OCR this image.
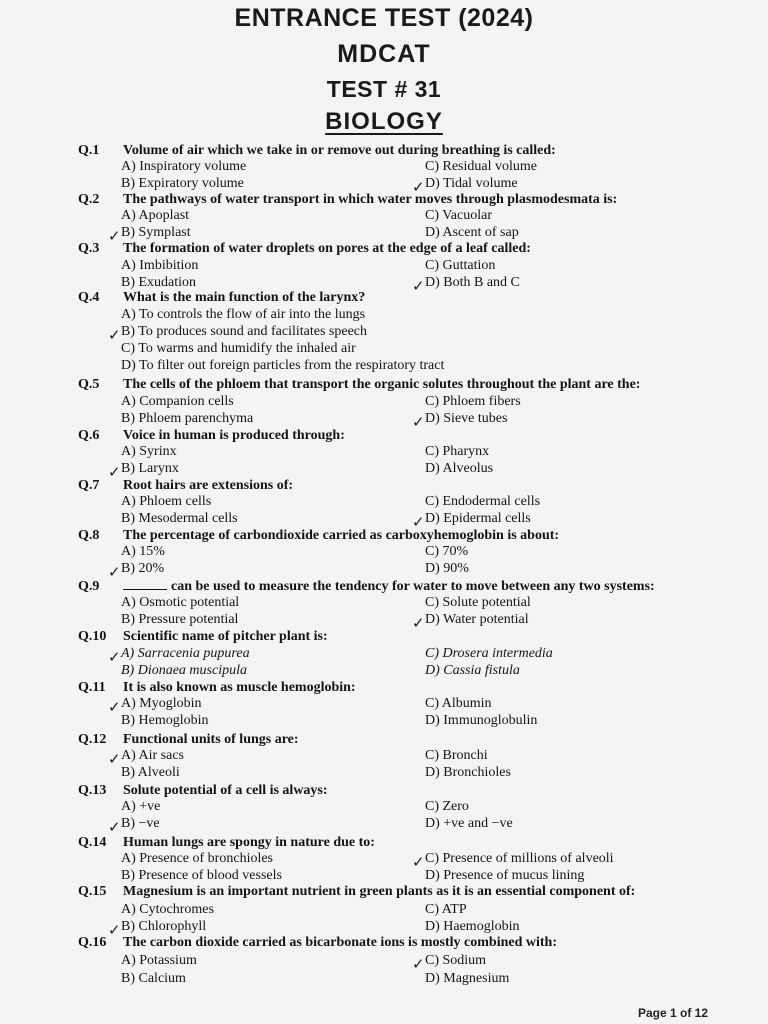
ENTRANCE TEST (2024)
MDCAT
TEST # 31
BIOLOGY
Q.1 Volume of air which we take in or remove out during breathing is called:
A) Inspiratory volume
B) Expiratory volume
C) Residual volume
D) Tidal volume
✓
Q.2 The pathways of water transport in which water moves through plasmodesmata is:
A) Apoplast
B) Symplast
C) Vacuolar
D) Ascent of sap
✓
Q.3 The formation of water droplets on pores at the edge of a leaf called:
A) Imbibition
B) Exudation
C) Guttation
D) Both B and C
✓
Q.4 What is the main function of the larynx?
A) To controls the flow of air into the lungs
B) To produces sound and facilitates speech
C) To warms and humidify the inhaled air
D) To filter out foreign particles from the respiratory tract
✓
Q.5 The cells of the phloem that transport the organic solutes throughout the plant are the:
A) Companion cells
B) Phloem parenchyma
C) Phloem fibers
D) Sieve tubes
✓
Q.6 Voice in human is produced through:
A) Syrinx
B) Larynx
C) Pharynx
D) Alveolus
✓
Q.7 Root hairs are extensions of:
A) Phloem cells
B) Mesodermal cells
C) Endodermal cells
D) Epidermal cells
✓
Q.8 The percentage of carbondioxide carried as carboxyhemoglobin is about:
A) 15%
B) 20%
C) 70%
D) 90%
✓
Q.9	can be used to measure the tendency for water to move between any two systems:
A) Osmotic potential
B) Pressure potential
C) Solute potential
D) Water potential
✓
Q.10 Scientific name of pitcher plant is:
A) Sarracenia pupurea
B) Dionaea muscipula
C) Drosera intermedia
D) Cassia fistula
✓
Q.11 It is also known as muscle hemoglobin:
A) Myoglobin
B) Hemoglobin
C) Albumin
D) Immunoglobulin
✓
Q.12 Functional units of lungs are:
A) Air sacs
B) Alveoli
C) Bronchi
D) Bronchioles
✓
Q.13 Solute potential of a cell is always:
A) +ve
B) −ve
C) Zero
D) +ve and −ve
✓
Q.14 Human lungs are spongy in nature due to:
A) Presence of bronchioles
B) Presence of blood vessels
C) Presence of millions of alveoli
D) Presence of mucus lining
✓
Q.15 Magnesium is an important nutrient in green plants as it is an essential component of:
A) Cytochromes
B) Chlorophyll
C) ATP
D) Haemoglobin
✓
Q.16 The carbon dioxide carried as bicarbonate ions is mostly combined with:
A) Potassium
B) Calcium
C) Sodium
D) Magnesium
✓
Page 1 of 12
